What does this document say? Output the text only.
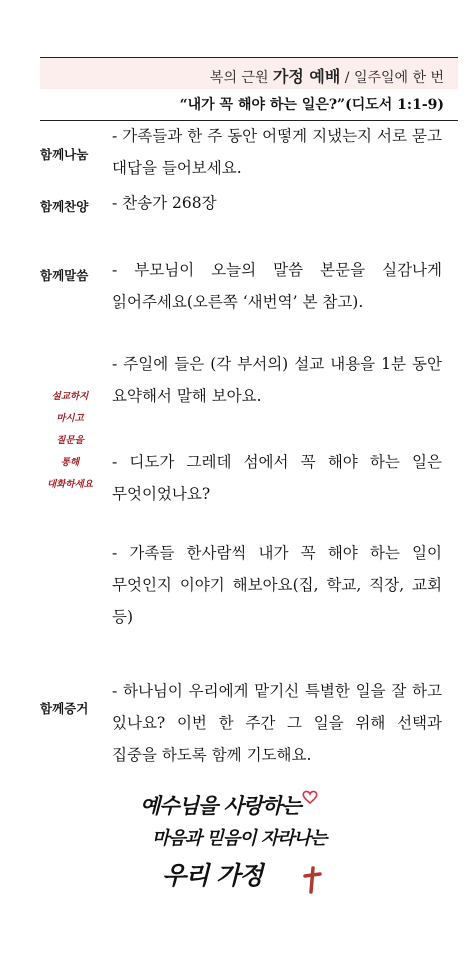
복의 근원 가정 예배 / 일주일에 한 번
“내가 꼭 해야 하는 일은?”(디도서 1:1-9)
함께나눔
- 가족들과 한 주 동안 어떻게 지냈는지 서로 묻고 대답을 들어보세요.
함께찬양	- 찬송가 268장
함께말씀	- 부모님이 오늘의 말씀 본문을 실감나게 읽어주세요(오른쪽 ‘새번역’ 본 참고).
설교하지
마시고
질문을
통해
대화하세요
- 주일에 들은 (각 부서의) 설교 내용을 1분 동안 요약해서 말해 보아요.
- 디도가 그레데 섬에서 꼭 해야 하는 일은 무엇이었나요?
- 가족들 한사람씩 내가 꼭 해야 하는 일이 무엇인지 이야기 해보아요(집, 학교, 직장, 교회 등)
함께증거
- 하나님이 우리에게 맡기신 특별한 일을 잘 하고 있나요? 이번 한 주간 그 일을 위해 선택과 집중을 하도록 함께 기도해요.
예수님을 사랑하는
마음과 믿음이 자라나는
우리 가정
